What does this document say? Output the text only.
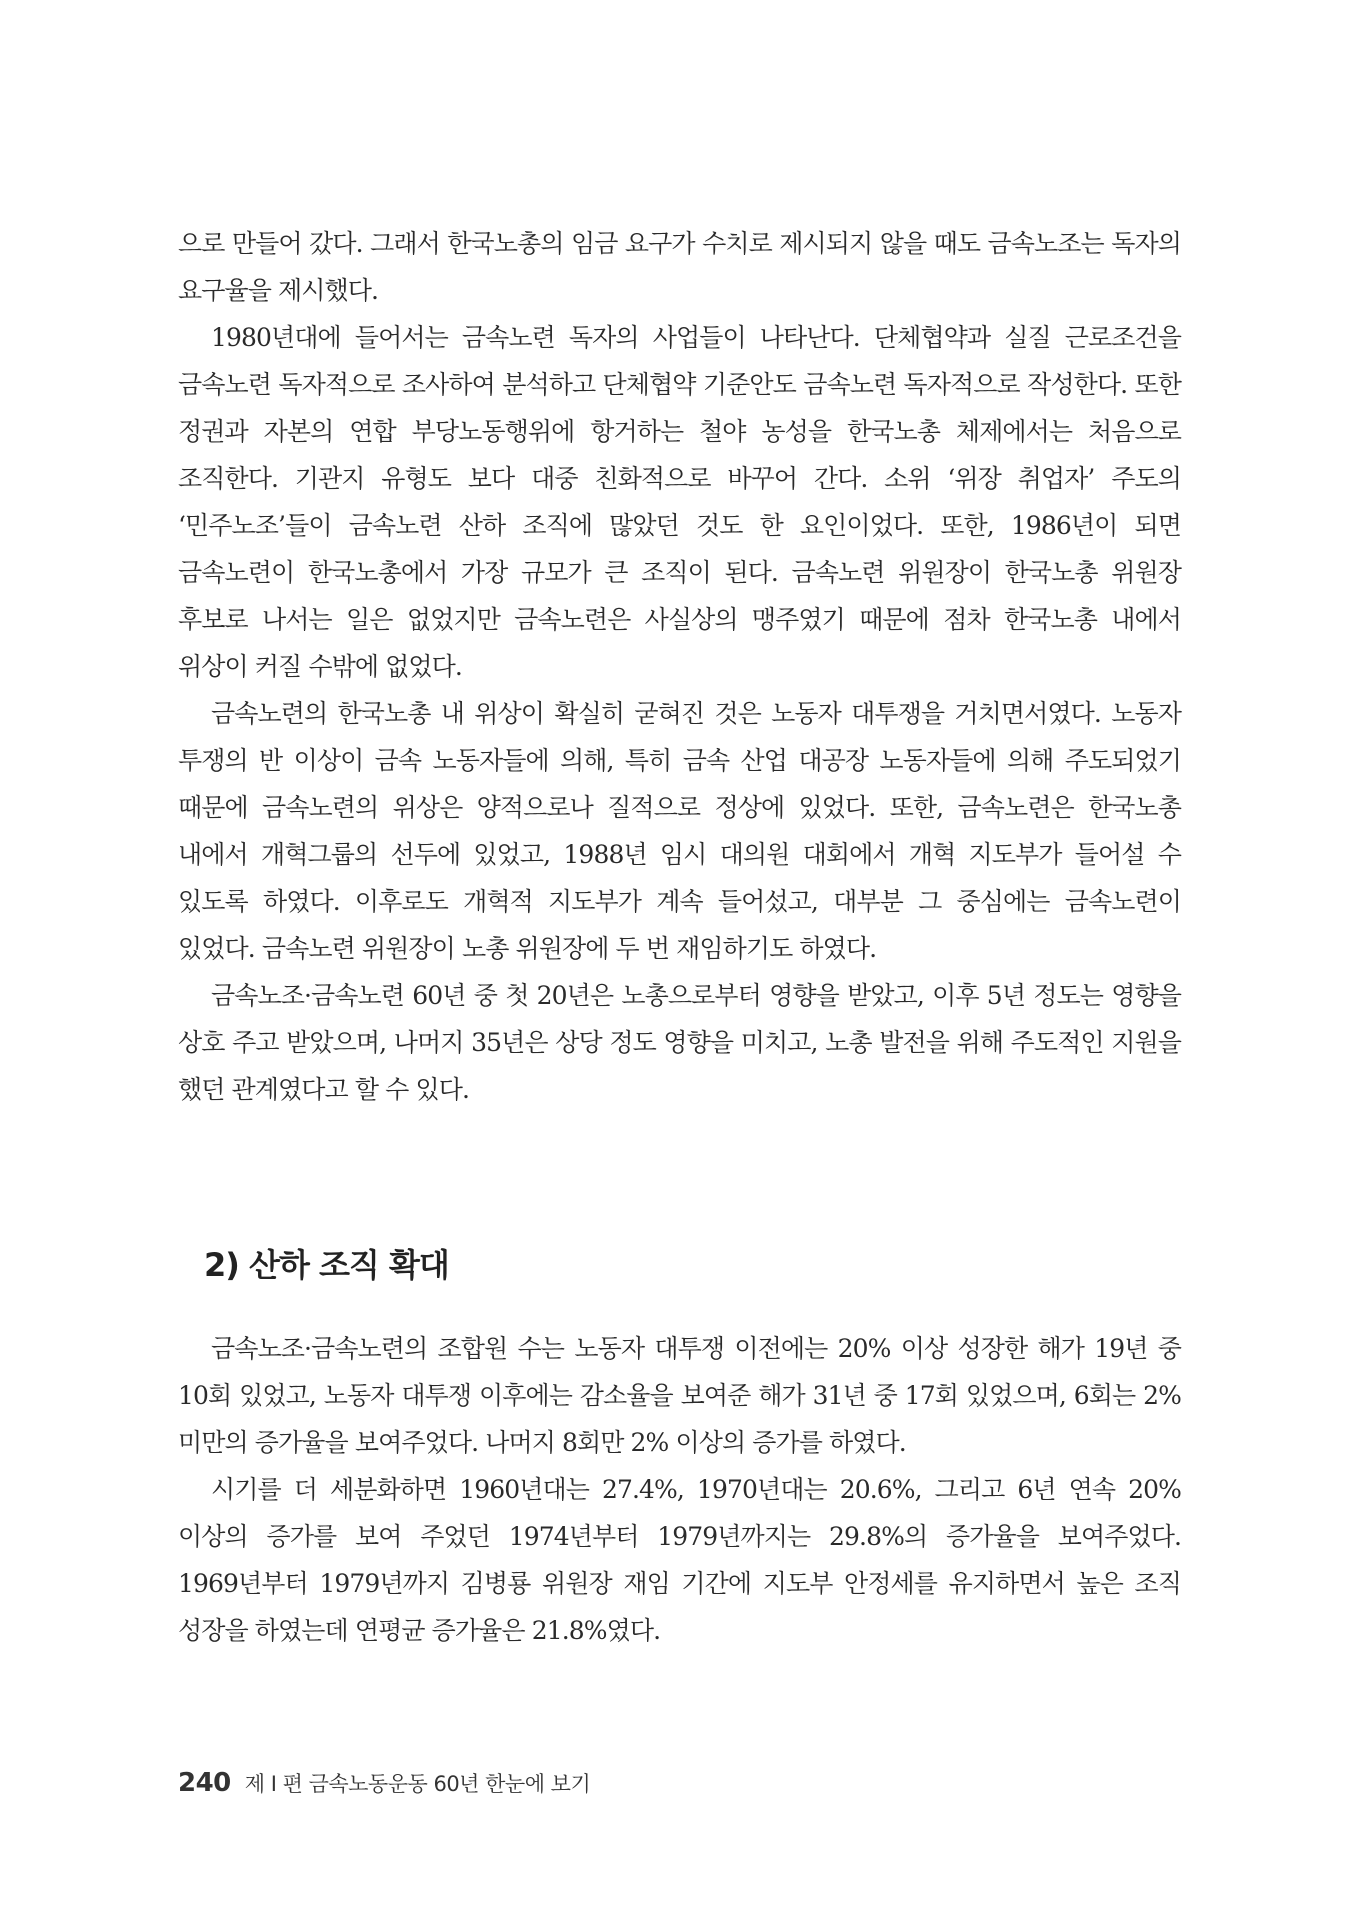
으로 만들어 갔다. 그래서 한국노총의 임금 요구가 수치로 제시되지 않을 때도 금속노조는 독자의 요구율을 제시했다.

1980년대에 들어서는 금속노련 독자의 사업들이 나타난다. 단체협약과 실질 근로조건을 금속노련 독자적으로 조사하여 분석하고 단체협약 기준안도 금속노련 독자적으로 작성한다. 또한 정권과 자본의 연합 부당노동행위에 항거하는 철야 농성을 한국노총 체제에서는 처음으로 조직한다. 기관지 유형도 보다 대중 친화적으로 바꾸어 간다. 소위 ‘위장 취업자’ 주도의 ‘민주노조’들이 금속노련 산하 조직에 많았던 것도 한 요인이었다. 또한, 1986년이 되면 금속노련이 한국노총에서 가장 규모가 큰 조직이 된다. 금속노련 위원장이 한국노총 위원장 후보로 나서는 일은 없었지만 금속노련은 사실상의 맹주였기 때문에 점차 한국노총 내에서 위상이 커질 수밖에 없었다.

금속노련의 한국노총 내 위상이 확실히 굳혀진 것은 노동자 대투쟁을 거치면서였다. 노동자 투쟁의 반 이상이 금속 노동자들에 의해, 특히 금속 산업 대공장 노동자들에 의해 주도되었기 때문에 금속노련의 위상은 양적으로나 질적으로 정상에 있었다. 또한, 금속노련은 한국노총 내에서 개혁그룹의 선두에 있었고, 1988년 임시 대의원 대회에서 개혁 지도부가 들어설 수 있도록 하였다. 이후로도 개혁적 지도부가 계속 들어섰고, 대부분 그 중심에는 금속노련이 있었다. 금속노련 위원장이 노총 위원장에 두 번 재임하기도 하였다.

금속노조·금속노련 60년 중 첫 20년은 노총으로부터 영향을 받았고, 이후 5년 정도는 영향을 상호 주고 받았으며, 나머지 35년은 상당 정도 영향을 미치고, 노총 발전을 위해 주도적인 지원을 했던 관계였다고 할 수 있다.

2) 산하 조직 확대

금속노조·금속노련의 조합원 수는 노동자 대투쟁 이전에는 20% 이상 성장한 해가 19년 중 10회 있었고, 노동자 대투쟁 이후에는 감소율을 보여준 해가 31년 중 17회 있었으며, 6회는 2% 미만의 증가율을 보여주었다. 나머지 8회만 2% 이상의 증가를 하였다.

시기를 더 세분화하면 1960년대는 27.4%, 1970년대는 20.6%, 그리고 6년 연속 20% 이상의 증가를 보여 주었던 1974년부터 1979년까지는 29.8%의 증가율을 보여주었다. 1969년부터 1979년까지 김병룡 위원장 재임 기간에 지도부 안정세를 유지하면서 높은 조직 성장을 하였는데 연평균 증가율은 21.8%였다.

240 제 I 편 금속노동운동 60년 한눈에 보기
